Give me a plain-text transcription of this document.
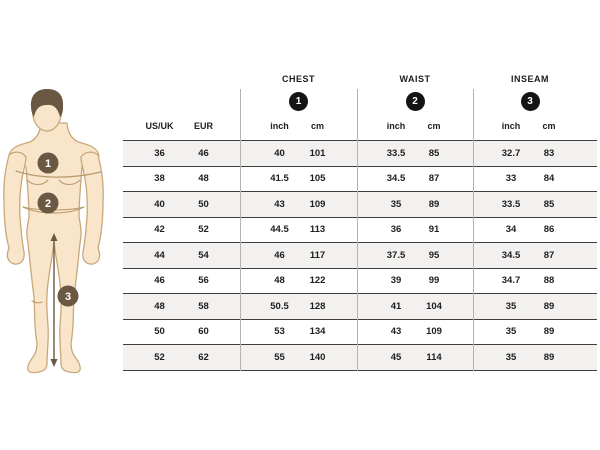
1
2
3
US/UK	EUR
CHEST
1
inch	cm
WAIST
2
inch	cm
INSEAM
3
inch	cm
36	46	40	101	33.5	85	32.7	83
38	48	41.5	105	34.5	87	33	84
40	50	43	109	35	89	33.5	85
42	52	44.5	113	36	91	34	86
44	54	46	117	37.5	95	34.5	87
46	56	48	122	39	99	34.7	88
48	58	50.5	128	41	104	35	89
50	60	53	134	43	109	35	89
52	62	55	140	45	114	35	89
